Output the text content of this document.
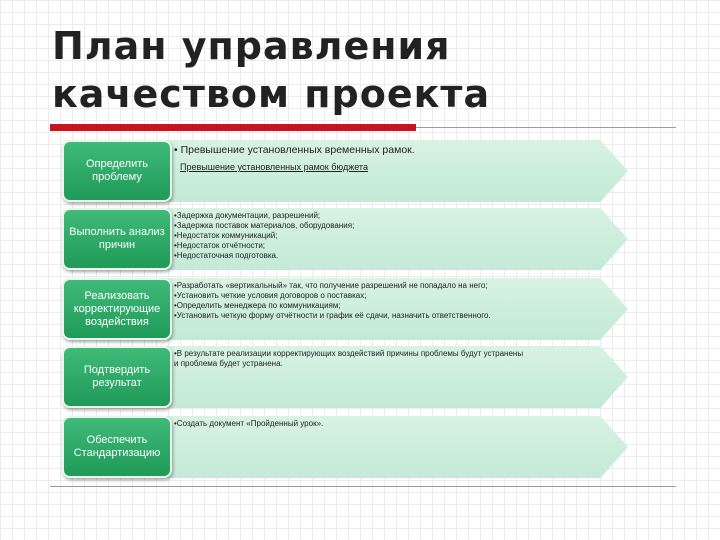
План управления
качеством проекта
Определить проблему
• Превышение установленных временных рамок.
Превышение установленных рамок бюджета
Выполнить анализ причин
•Задержка документации, разрешений;
•Задержка поставок материалов, оборудования;
•Недостаток коммуникаций;
•Недостаток отчётности;
•Недостаточная подготовка.
Реализовать корректирующие воздействия
•Разработать «вертикальный» так, что получение разрешений не попадало на него;
•Установить четкие условия договоров о поставках;
•Определить менеджера по коммуникациям;
•Установить четкую форму отчётности и график её сдачи, назначить ответственного.
Подтвердить результат
•В результате реализации корректирующих воздействий причины проблемы будут устранены
и проблема будет устранена.
Обеспечить Стандартизацию
•Создать документ «Пройденный урок».
